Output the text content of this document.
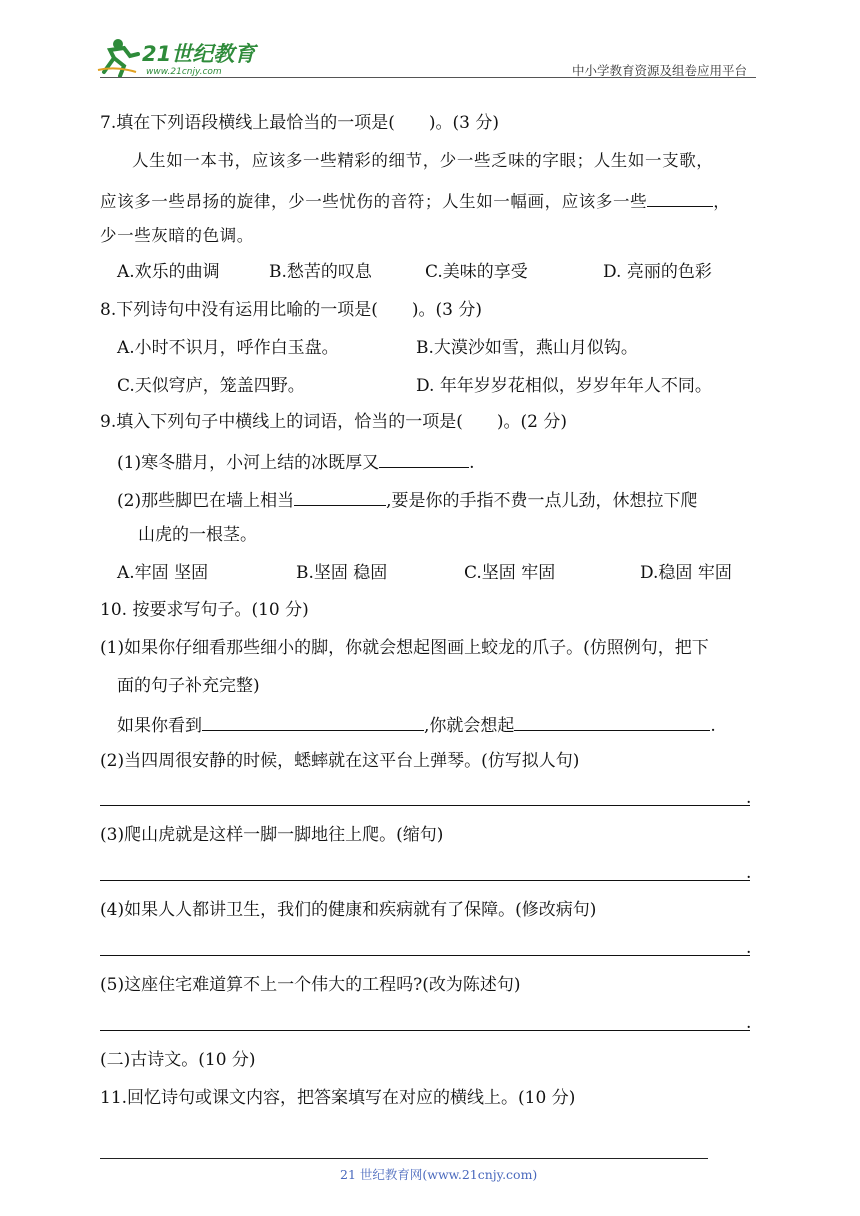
21世纪教育
www.21cnjy.com	中小学教育资源及组卷应用平台
7.填在下列语段横线上最恰当的一项是(　　)。(3 分)
人生如一本书，应该多一些精彩的细节，少一些乏味的字眼；人生如一支歌，
应该多一些昂扬的旋律，少一些忧伤的音符；人生如一幅画，应该多一些	，
少一些灰暗的色调。
A.欢乐的曲调	B.愁苦的叹息	C.美味的享受	D. 亮丽的色彩
8.下列诗句中没有运用比喻的一项是(　　)。(3 分)
A.小时不识月，呼作白玉盘。	B.大漠沙如雪，燕山月似钩。
C.天似穹庐，笼盖四野。	D. 年年岁岁花相似，岁岁年年人不同。
9.填入下列句子中横线上的词语，恰当的一项是(　　)。(2 分)
(1)寒冬腊月，小河上结的冰既厚又	.
(2)那些脚巴在墙上相当	,要是你的手指不费一点儿劲，休想拉下爬
山虎的一根茎。
A.牢固 坚固	B.坚固 稳固	C.坚固 牢固	D.稳固 牢固
10. 按要求写句子。(10 分)
(1)如果你仔细看那些细小的脚，你就会想起图画上蛟龙的爪子。(仿照例句，把下
面的句子补充完整)
如果你看到	,你就会想起	.
(2)当四周很安静的时候，蟋蟀就在这平台上弹琴。(仿写拟人句)
.
(3)爬山虎就是这样一脚一脚地往上爬。(缩句)
.
(4)如果人人都讲卫生，我们的健康和疾病就有了保障。(修改病句)
.
(5)这座住宅难道算不上一个伟大的工程吗?(改为陈述句)
.
(二)古诗文。(10 分)
11.回忆诗句或课文内容，把答案填写在对应的横线上。(10 分)
21 世纪教育网(www.21cnjy.com)
